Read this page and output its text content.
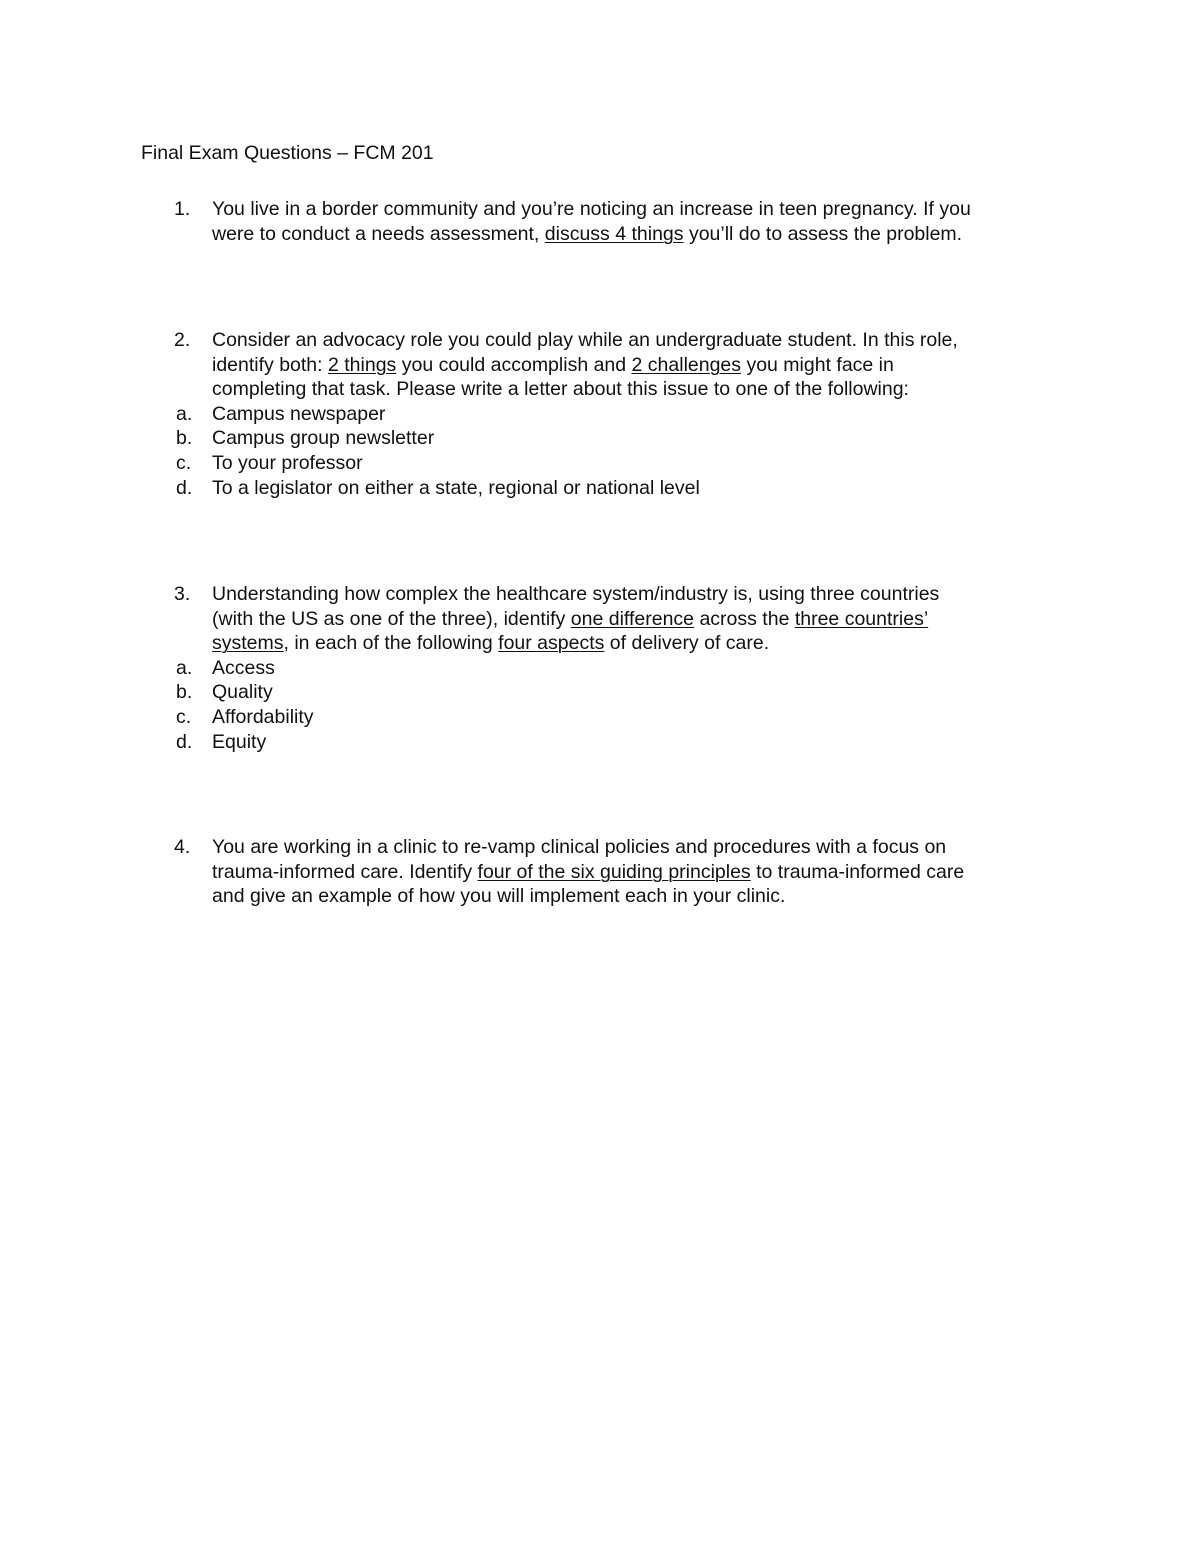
Final Exam Questions – FCM 201
1.	You live in a border community and you’re noticing an increase in teen pregnancy. If you
were to conduct a needs assessment, discuss 4 things you’ll do to assess the problem.
2.	Consider an advocacy role you could play while an undergraduate student. In this role,
identify both: 2 things you could accomplish and 2 challenges you might face in
completing that task. Please write a letter about this issue to one of the following:
a. Campus newspaper
b. Campus group newsletter
c. To your professor
d. To a legislator on either a state, regional or national level
3.	Understanding how complex the healthcare system/industry is, using three countries
(with the US as one of the three), identify one difference across the three countries’
systems, in each of the following four aspects of delivery of care.
a. Access
b. Quality
c. Affordability
d. Equity
4.	You are working in a clinic to re-vamp clinical policies and procedures with a focus on
trauma-informed care. Identify four of the six guiding principles to trauma-informed care
and give an example of how you will implement each in your clinic.
